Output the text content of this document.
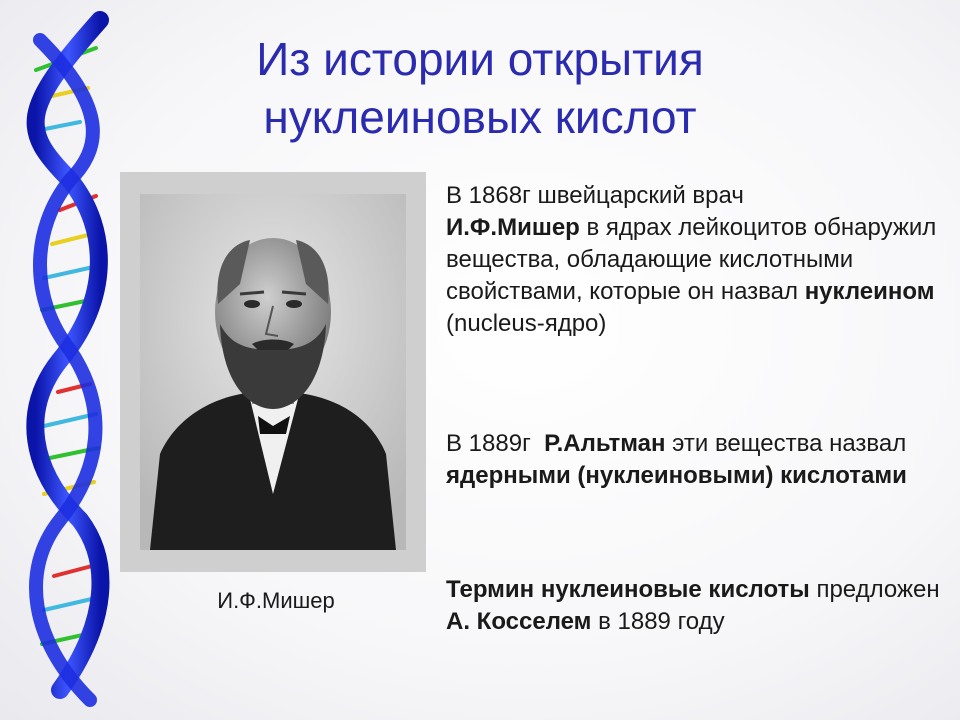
Из истории открытия
нуклеиновых кислот
И.Ф.Мишер

В 1868г швейцарский врач
И.Ф.Мишер в ядрах лейкоцитов обнаружил вещества, обладающие кислотными свойствами, которые он назвал нуклеином (nucleus-ядро)

В 1889г  Р.Альтман эти вещества назвал ядерными (нуклеиновыми) кислотами

Термин нуклеиновые кислоты предложен А. Косселем в 1889 году
